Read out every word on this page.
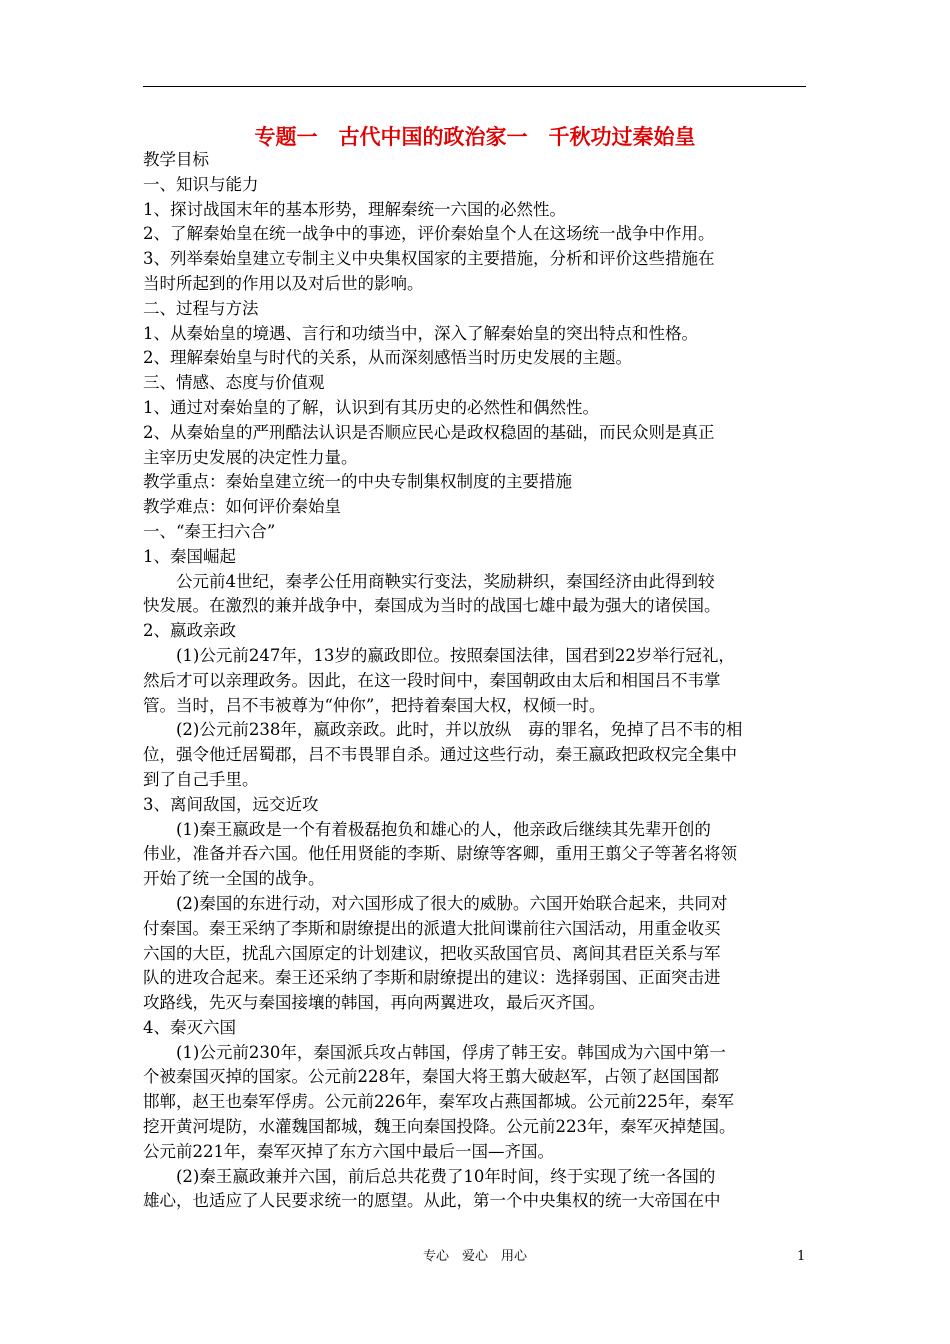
专题一　古代中国的政治家一　千秋功过秦始皇
教学目标
一、知识与能力
1、探讨战国末年的基本形势，理解秦统一六国的必然性。
2、了解秦始皇在统一战争中的事迹，评价秦始皇个人在这场统一战争中作用。
3、列举秦始皇建立专制主义中央集权国家的主要措施，分析和评价这些措施在
当时所起到的作用以及对后世的影响。
二、过程与方法
1、从秦始皇的境遇、言行和功绩当中，深入了解秦始皇的突出特点和性格。
2、理解秦始皇与时代的关系，从而深刻感悟当时历史发展的主题。
三、情感、态度与价值观
1、通过对秦始皇的了解，认识到有其历史的必然性和偶然性。
2、从秦始皇的严刑酷法认识是否顺应民心是政权稳固的基础，而民众则是真正
主宰历史发展的决定性力量。
教学重点：秦始皇建立统一的中央专制集权制度的主要措施
教学难点：如何评价秦始皇
一、“秦王扫六合”
1、秦国崛起
　　公元前4世纪，秦孝公任用商鞅实行变法，奖励耕织，秦国经济由此得到较
快发展。在激烈的兼并战争中，秦国成为当时的战国七雄中最为强大的诸侯国。
2、嬴政亲政
　　(1)公元前247年，13岁的嬴政即位。按照秦国法律，国君到22岁举行冠礼，
然后才可以亲理政务。因此，在这一段时间中，秦国朝政由太后和相国吕不韦掌
管。当时，吕不韦被尊为“仲你”，把持着秦国大权，权倾一时。
　　(2)公元前238年，嬴政亲政。此时，并以放纵　毐的罪名，免掉了吕不韦的相
位，强令他迁居蜀郡，吕不韦畏罪自杀。通过这些行动，秦王嬴政把政权完全集中
到了自己手里。
3、离间敌国，远交近攻
　　(1)秦王嬴政是一个有着极磊抱负和雄心的人，他亲政后继续其先辈开创的
伟业，准备并吞六国。他任用贤能的李斯、尉缭等客卿，重用王翦父子等著名将领
开始了统一全国的战争。
　　(2)秦国的东进行动，对六国形成了很大的威胁。六国开始联合起来，共同对
付秦国。秦王采纳了李斯和尉缭提出的派遣大批间谍前往六国活动，用重金收买
六国的大臣，扰乱六国原定的计划建议，把收买敌国官员、离间其君臣关系与军
队的进攻合起来。秦王还采纳了李斯和尉缭提出的建议：选择弱国、正面突击进
攻路线，先灭与秦国接壤的韩国，再向两翼进攻，最后灭齐国。
4、秦灭六国
　　(1)公元前230年，秦国派兵攻占韩国，俘虏了韩王安。韩国成为六国中第一
个被秦国灭掉的国家。公元前228年，秦国大将王翦大破赵军，占领了赵国国都
邯郸，赵王也秦军俘虏。公元前226年，秦军攻占燕国都城。公元前225年，秦军
挖开黄河堤防，水灌魏国都城，魏王向秦国投降。公元前223年，秦军灭掉楚国。
公元前221年，秦军灭掉了东方六国中最后一国—齐国。
　　(2)秦王嬴政兼并六国，前后总共花费了10年时间，终于实现了统一各国的
雄心，也适应了人民要求统一的愿望。从此，第一个中央集权的统一大帝国在中
专心　爱心　用心	1
